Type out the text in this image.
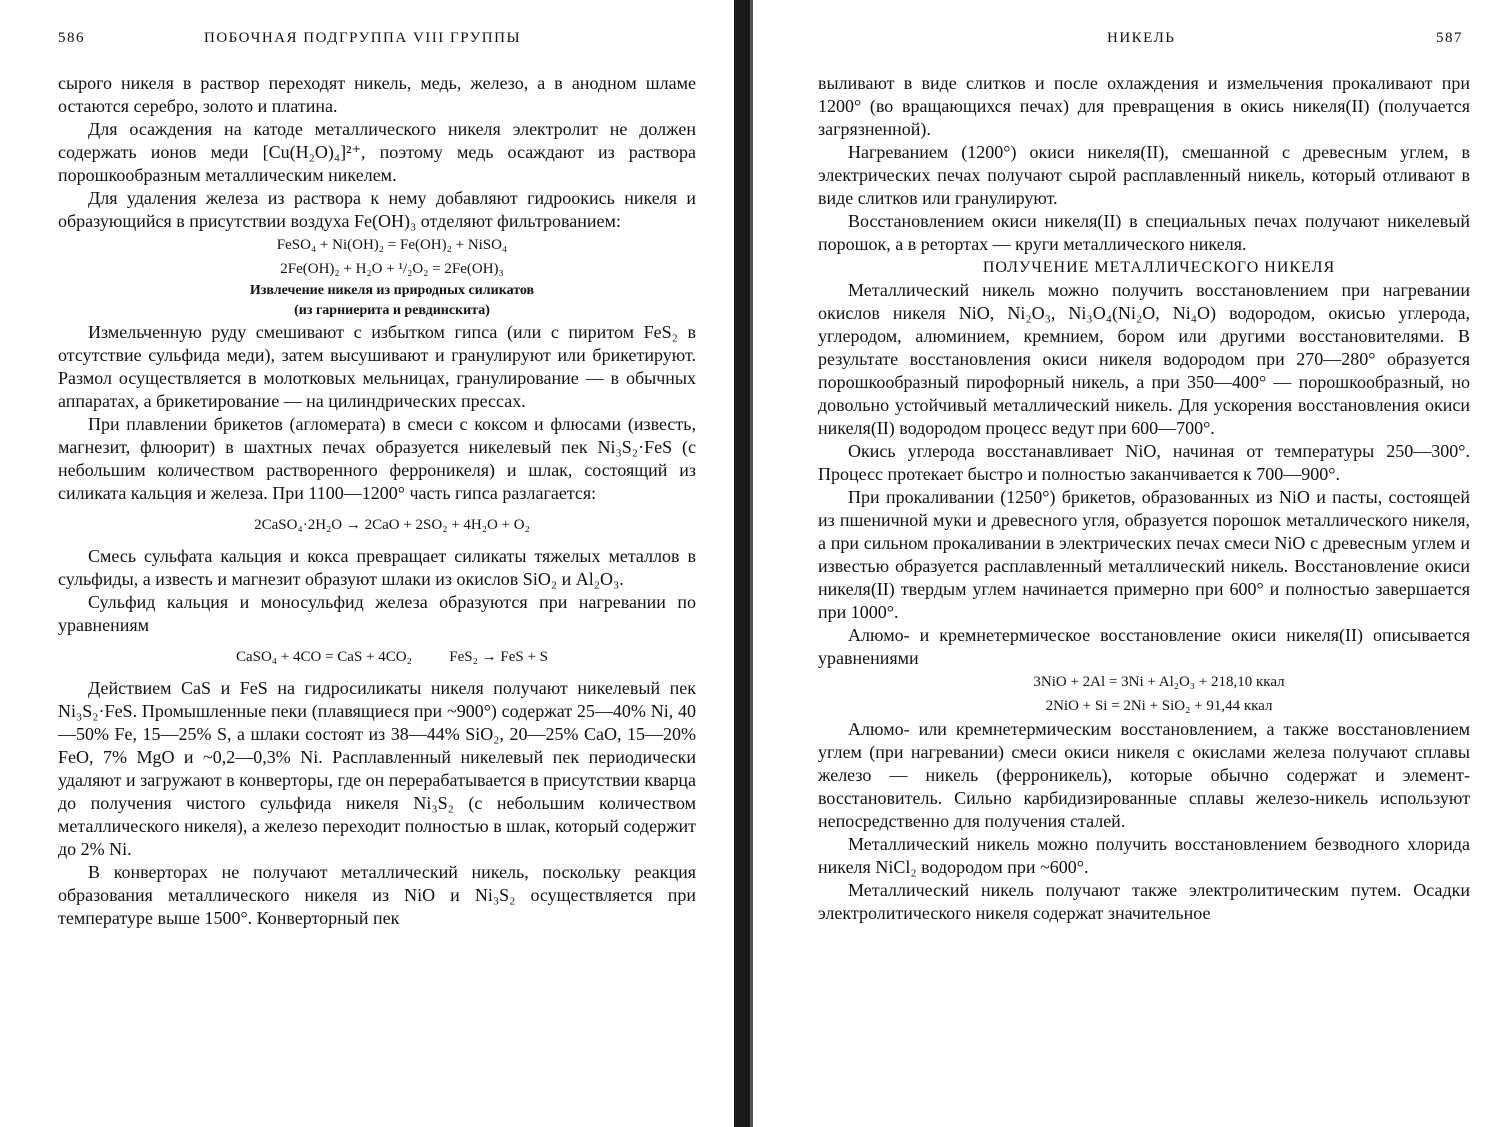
586	ПОБОЧНАЯ ПОДГРУППА VIII ГРУППЫ

сырого никеля в раствор переходят никель, медь, железо, а в анодном шламе остаются серебро, золото и платина.

Для осаждения на катоде металлического никеля электролит не должен содержать ионов меди [Cu(H₂O)₄]²⁺, поэтому медь осаждают из раствора порошкообразным металлическим никелем.

Для удаления железа из раствора к нему добавляют гидроокись никеля и образующийся в присутствии воздуха Fe(OH)₃ отделяют фильтрованием:

FeSO₄ + Ni(OH)₂ = Fe(OH)₂ + NiSO₄

2Fe(OH)₂ + H₂O + ¹/₂O₂ = 2Fe(OH)₃

Извлечение никеля из природных силикатов

(из гарниерита и ревдинскита)

Измельченную руду смешивают с избытком гипса (или с пиритом FeS₂ в отсутствие сульфида меди), затем высушивают и гранулируют или брикетируют. Размол осуществляется в молотковых мельницах, гранулирование — в обычных аппаратах, а брикетирование — на цилиндрических прессах.

При плавлении брикетов (агломерата) в смеси с коксом и флюсами (известь, магнезит, флюорит) в шахтных печах образуется никелевый пек Ni₃S₂·FeS (с небольшим количеством растворенного ферроникеля) и шлак, состоящий из силиката кальция и железа. При 1100—1200° часть гипса разлагается:

2CaSO₄·2H₂O → 2CaO + 2SO₂ + 4H₂O + O₂

Смесь сульфата кальция и кокса превращает силикаты тяжелых металлов в сульфиды, а известь и магнезит образуют шлаки из окислов SiO₂ и Al₂O₃.

Сульфид кальция и моносульфид железа образуются при нагревании по уравнениям

CaSO₄ + 4CO = CaS + 4CO₂          FeS₂ → FeS + S

Действием CaS и FeS на гидросиликаты никеля получают никелевый пек Ni₃S₂·FeS. Промышленные пеки (плавящиеся при ~900°) содержат 25—40% Ni, 40—50% Fe, 15—25% S, а шлаки состоят из 38—44% SiO₂, 20—25% CaO, 15—20% FeO, 7% MgO и ~0,2—0,3% Ni. Расплавленный никелевый пек периодически удаляют и загружают в конверторы, где он перерабатывается в присутствии кварца до получения чистого сульфида никеля Ni₃S₂ (с небольшим количеством металлического никеля), а железо переходит полностью в шлак, который содержит до 2% Ni.

В конверторах не получают металлический никель, поскольку реакция образования металлического никеля из NiO и Ni₃S₂ осуществляется при температуре выше 1500°. Конверторный пек

НИКЕЛЬ	587

выливают в виде слитков и после охлаждения и измельчения прокаливают при 1200° (во вращающихся печах) для превращения в окись никеля(II) (получается загрязненной).

Нагреванием (1200°) окиси никеля(II), смешанной с древесным углем, в электрических печах получают сырой расплавленный никель, который отливают в виде слитков или гранулируют.

Восстановлением окиси никеля(II) в специальных печах получают никелевый порошок, а в ретортах — круги металлического никеля.

ПОЛУЧЕНИЕ МЕТАЛЛИЧЕСКОГО НИКЕЛЯ

Металлический никель можно получить восстановлением при нагревании окислов никеля NiO, Ni₂O₃, Ni₃O₄(Ni₂O, Ni₄O) водородом, окисью углерода, углеродом, алюминием, кремнием, бором или другими восстановителями. В результате восстановления окиси никеля водородом при 270—280° образуется порошкообразный пирофорный никель, а при 350—400° — порошкообразный, но довольно устойчивый металлический никель. Для ускорения восстановления окиси никеля(II) водородом процесс ведут при 600—700°.

Окись углерода восстанавливает NiO, начиная от температуры 250—300°. Процесс протекает быстро и полностью заканчивается к 700—900°.

При прокаливании (1250°) брикетов, образованных из NiO и пасты, состоящей из пшеничной муки и древесного угля, образуется порошок металлического никеля, а при сильном прокаливании в электрических печах смеси NiO с древесным углем и известью образуется расплавленный металлический никель. Восстановление окиси никеля(II) твердым углем начинается примерно при 600° и полностью завершается при 1000°.

Алюмо- и кремнетермическое восстановление окиси никеля(II) описывается уравнениями

3NiO + 2Al = 3Ni + Al₂O₃ + 218,10 ккал

2NiO + Si = 2Ni + SiO₂ + 91,44 ккал

Алюмо- или кремнетермическим восстановлением, а также восстановлением углем (при нагревании) смеси окиси никеля с окислами железа получают сплавы железо — никель (ферроникель), которые обычно содержат и элемент-восстановитель. Сильно карбидизированные сплавы железо-никель используют непосредственно для получения сталей.

Металлический никель можно получить восстановлением безводного хлорида никеля NiCl₂ водородом при ~600°.

Металлический никель получают также электролитическим путем. Осадки электролитического никеля содержат значительное
